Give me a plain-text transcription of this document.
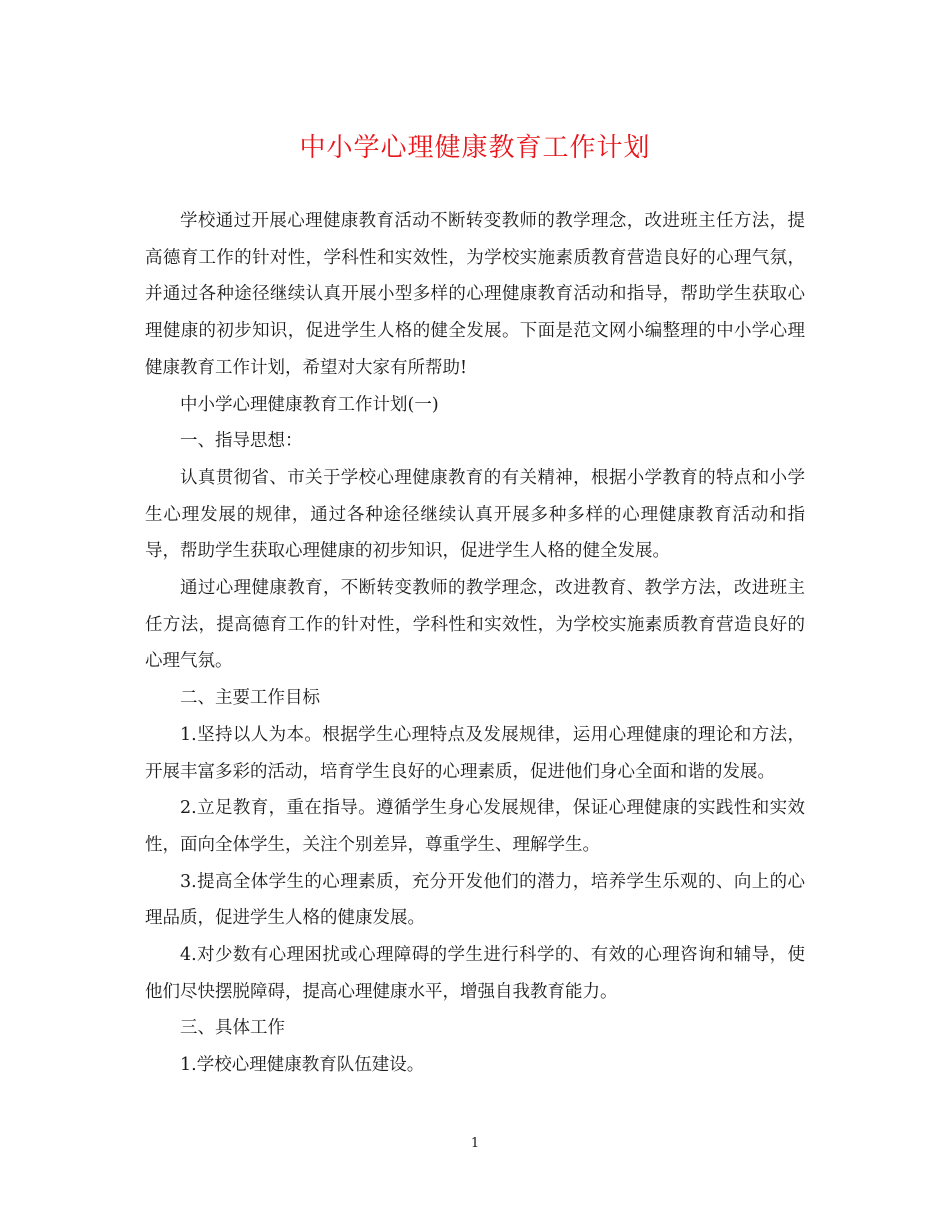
中小学心理健康教育工作计划

学校通过开展心理健康教育活动不断转变教师的教学理念，改进班主任方法，提高德育工作的针对性，学科性和实效性，为学校实施素质教育营造良好的心理气氛，并通过各种途径继续认真开展小型多样的心理健康教育活动和指导，帮助学生获取心理健康的初步知识，促进学生人格的健全发展。下面是范文网小编整理的中小学心理健康教育工作计划，希望对大家有所帮助!

中小学心理健康教育工作计划(一)

一、指导思想：

认真贯彻省、市关于学校心理健康教育的有关精神，根据小学教育的特点和小学生心理发展的规律，通过各种途径继续认真开展多种多样的心理健康教育活动和指导，帮助学生获取心理健康的初步知识，促进学生人格的健全发展。

通过心理健康教育，不断转变教师的教学理念，改进教育、教学方法，改进班主任方法，提高德育工作的针对性，学科性和实效性，为学校实施素质教育营造良好的心理气氛。

二、主要工作目标

1.坚持以人为本。根据学生心理特点及发展规律，运用心理健康的理论和方法，开展丰富多彩的活动，培育学生良好的心理素质，促进他们身心全面和谐的发展。

2.立足教育，重在指导。遵循学生身心发展规律，保证心理健康的实践性和实效性，面向全体学生，关注个别差异，尊重学生、理解学生。

3.提高全体学生的心理素质，充分开发他们的潜力，培养学生乐观的、向上的心理品质，促进学生人格的健康发展。

4.对少数有心理困扰或心理障碍的学生进行科学的、有效的心理咨询和辅导，使他们尽快摆脱障碍，提高心理健康水平，增强自我教育能力。

三、具体工作

1.学校心理健康教育队伍建设。

1
